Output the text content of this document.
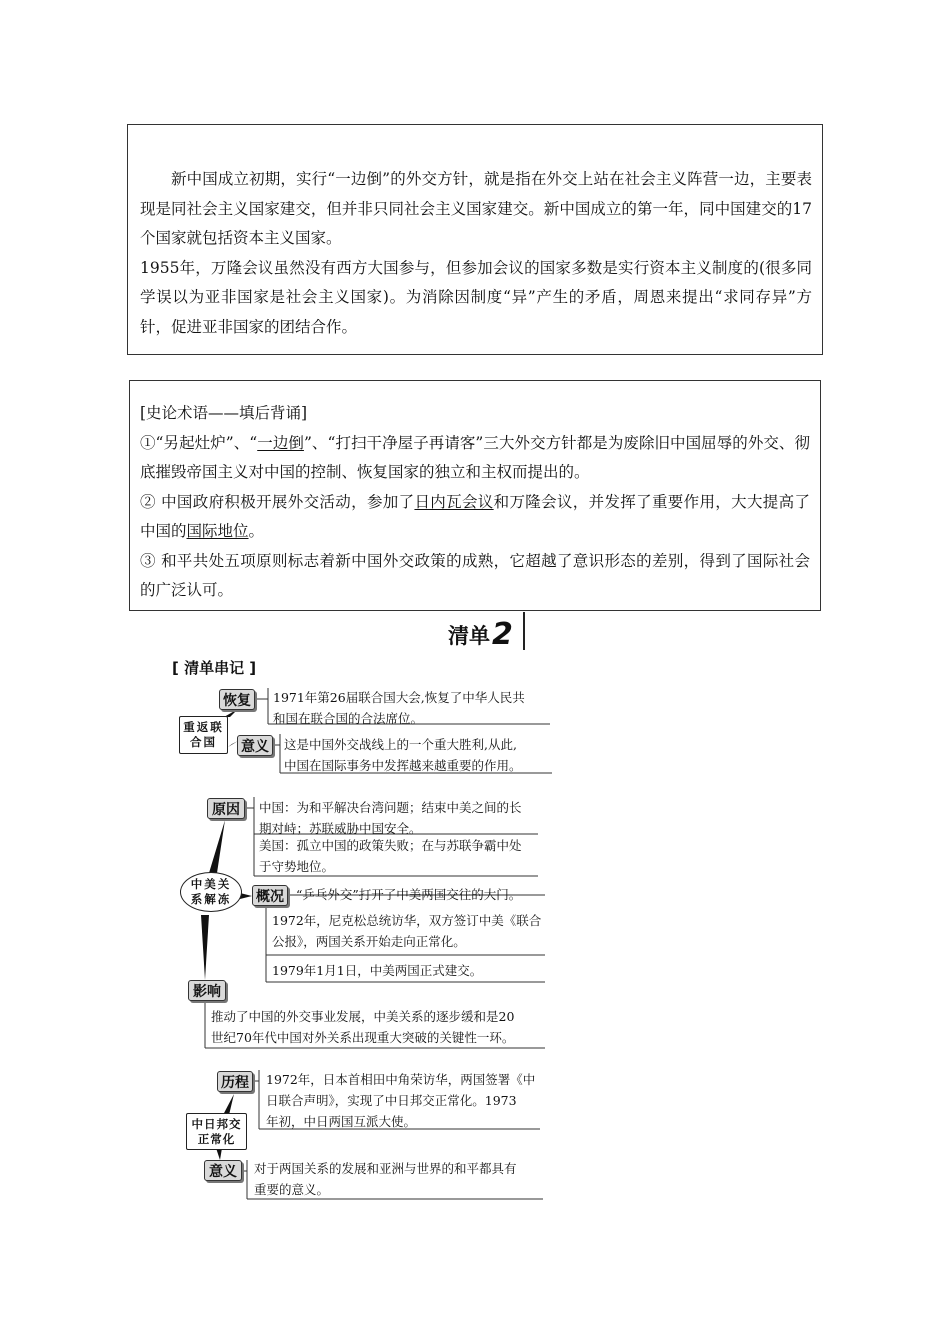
新中国成立初期，实行“一边倒”的外交方针，就是指在外交上站在社会主义阵营一边，主要表现是同社会主义国家建交，但并非只同社会主义国家建交。新中国成立的第一年，同中国建交的17个国家就包括资本主义国家。

1955年，万隆会议虽然没有西方大国参与，但参加会议的国家多数是实行资本主义制度的(很多同学误以为亚非国家是社会主义国家)。为消除因制度“异”产生的矛盾，周恩来提出“求同存异”方针，促进亚非国家的团结合作。

[史论术语——填后背诵]

①“另起灶炉”、“一边倒”、“打扫干净屋子再请客”三大外交方针都是为废除旧中国屈辱的外交、彻底摧毁帝国主义对中国的控制、恢复国家的独立和主权而提出的。

② 中国政府积极开展外交活动，参加了日内瓦会议和万隆会议，并发挥了重要作用，大大提高了中国的国际地位。

③ 和平共处五项原则标志着新中国外交政策的成熟，它超越了意识形态的差别，得到了国际社会的广泛认可。

清单 2
[ 清单串记 ]
重返联
合国
恢复	1971年第26届联合国大会,恢复了中华人民共
和国在联合国的合法席位。
意义	这是中国外交战线上的一个重大胜利,从此,
中国在国际事务中发挥越来越重要的作用。
原因	中国：为和平解决台湾问题；结束中美之间的长
期对峙；苏联威胁中国安全。
美国：孤立中国的政策失败；在与苏联争霸中处
于守势地位。
中美关
系解冻 概况 “乒乓外交”打开了中美两国交往的大门。
1972年，尼克松总统访华，双方签订中美《联合
公报》，两国关系开始走向正常化。
1979年1月1日，中美两国正式建交。
影响
推动了中国的外交事业发展，中美关系的逐步缓和是20
世纪70年代中国对外关系出现重大突破的关键性一环。
历程	1972年，日本首相田中角荣访华，两国签署《中
日联合声明》，实现了中日邦交正常化。1973
年初，中日两国互派大使。
中日邦交
正常化
意义	对于两国关系的发展和亚洲与世界的和平都具有
重要的意义。
